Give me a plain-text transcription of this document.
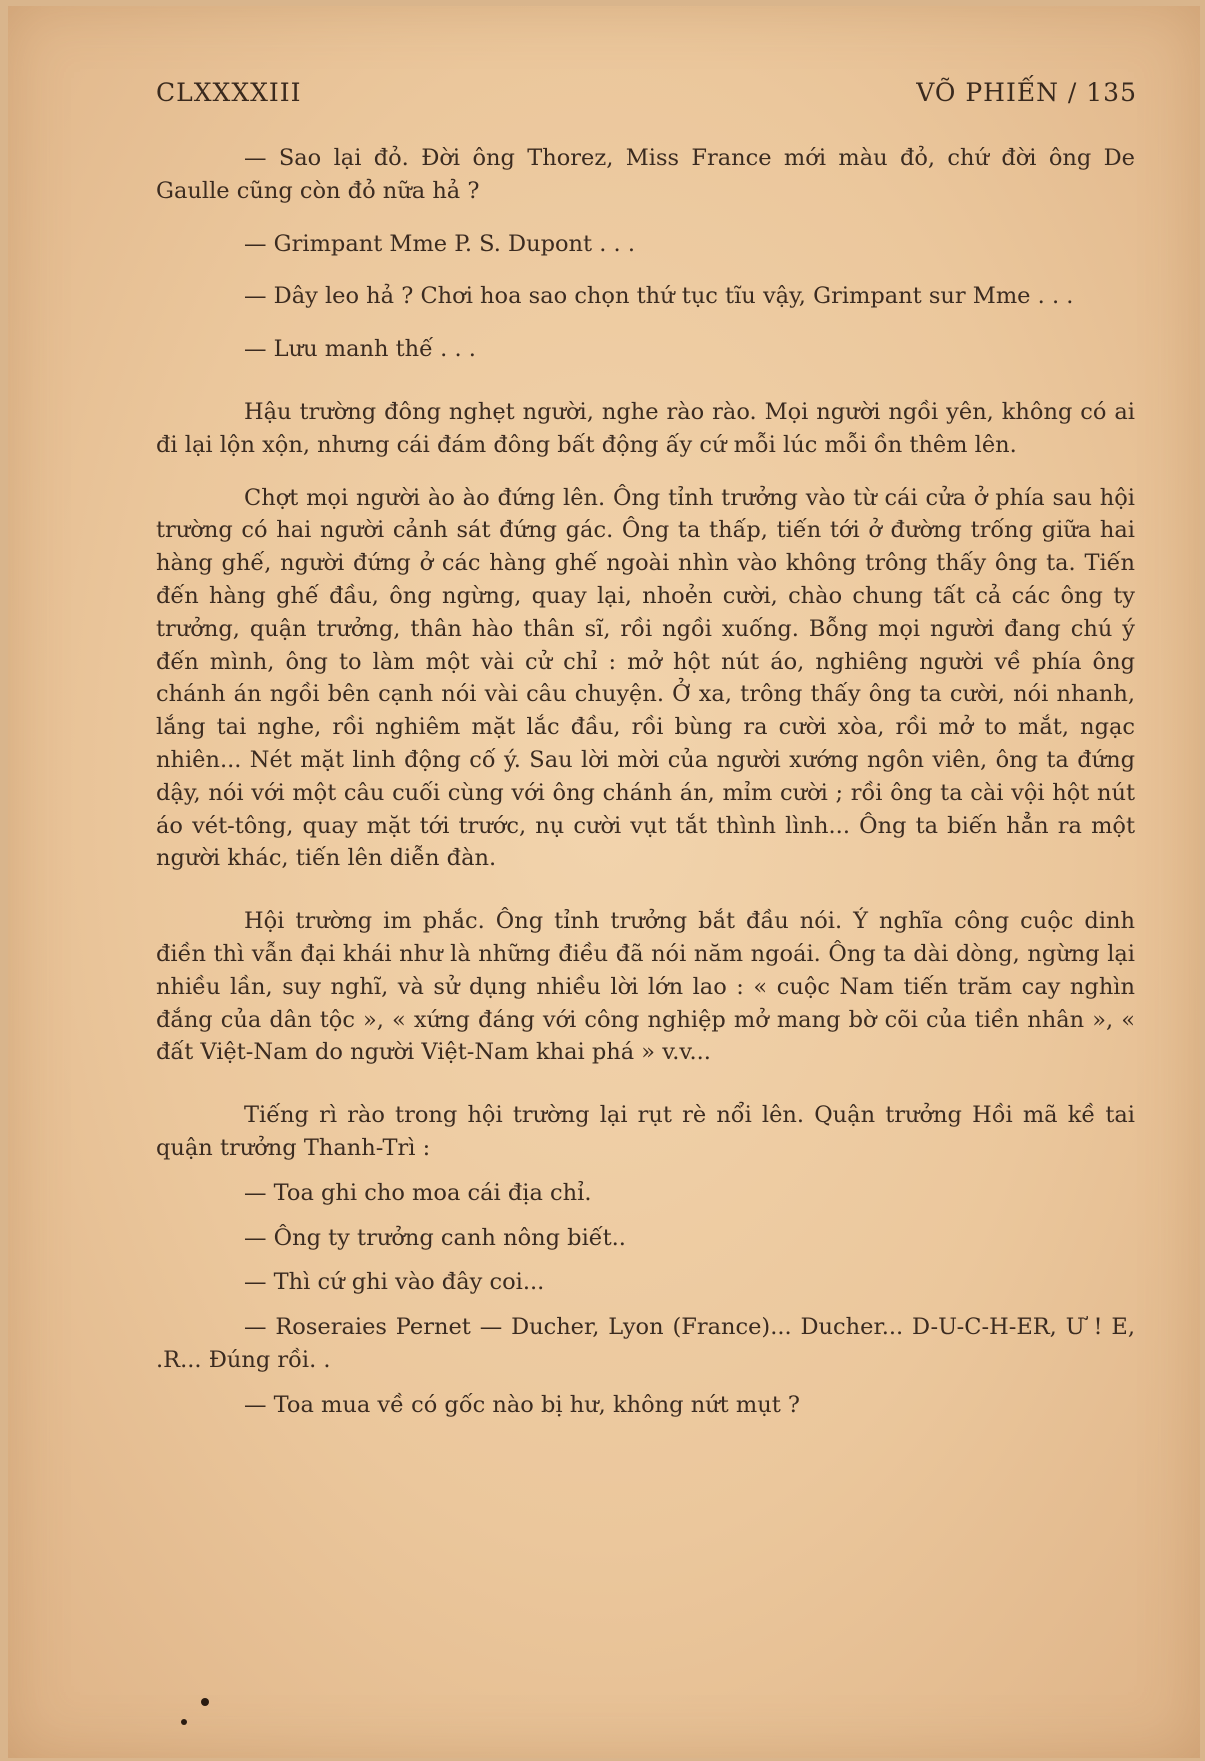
CLXXXXIII	VÕ PHIẾN / 135

— Sao lại đỏ. Đời ông Thorez, Miss France mới màu đỏ, chứ đời ông De Gaulle cũng còn đỏ nữa hả ?

— Grimpant Mme P. S. Dupont . . .

— Dây leo hả ? Chơi hoa sao chọn thứ tục tĩu vậy, Grimpant sur Mme . . .

— Lưu manh thế . . .

Hậu trường đông nghẹt người, nghe rào rào. Mọi người ngồi yên, không có ai đi lại lộn xộn, nhưng cái đám đông bất động ấy cứ mỗi lúc mỗi ồn thêm lên.

Chợt mọi người ào ào đứng lên. Ông tỉnh trưởng vào từ cái cửa ở phía sau hội trường có hai người cảnh sát đứng gác. Ông ta thấp, tiến tới ở đường trống giữa hai hàng ghế, người đứng ở các hàng ghế ngoài nhìn vào không trông thấy ông ta. Tiến đến hàng ghế đầu, ông ngừng, quay lại, nhoẻn cười, chào chung tất cả các ông ty trưởng, quận trưởng, thân hào thân sĩ, rồi ngồi xuống. Bỗng mọi người đang chú ý đến mình, ông to làm một vài cử chỉ : mở hột nút áo, nghiêng người về phía ông chánh án ngồi bên cạnh nói vài câu chuyện. Ở xa, trông thấy ông ta cười, nói nhanh, lắng tai nghe, rồi nghiêm mặt lắc đầu, rồi bùng ra cười xòa, rồi mở to mắt, ngạc nhiên... Nét mặt linh động cố ý. Sau lời mời của người xướng ngôn viên, ông ta đứng dậy, nói với một câu cuối cùng với ông chánh án, mỉm cười ; rồi ông ta cài vội hột nút áo vét-tông, quay mặt tới trước, nụ cười vụt tắt thình lình... Ông ta biến hẳn ra một người khác, tiến lên diễn đàn.

Hội trường im phắc. Ông tỉnh trưởng bắt đầu nói. Ý nghĩa công cuộc dinh điền thì vẫn đại khái như là những điều đã nói năm ngoái. Ông ta dài dòng, ngừng lại nhiều lần, suy nghĩ, và sử dụng nhiều lời lớn lao : « cuộc Nam tiến trăm cay nghìn đắng của dân tộc », « xứng đáng với công nghiệp mở mang bờ cõi của tiền nhân », « đất Việt-Nam do người Việt-Nam khai phá » v.v...

Tiếng rì rào trong hội trường lại rụt rè nổi lên. Quận trưởng Hồi mã kề tai quận trưởng Thanh-Trì :

— Toa ghi cho moa cái địa chỉ.

— Ông ty trưởng canh nông biết..

— Thì cứ ghi vào đây coi...

— Roseraies Pernet — Ducher, Lyon (France)... Ducher... D-U-C-H-ER, Ư ! E, .R... Đúng rồi. .

— Toa mua về có gốc nào bị hư, không nứt mụt ?
